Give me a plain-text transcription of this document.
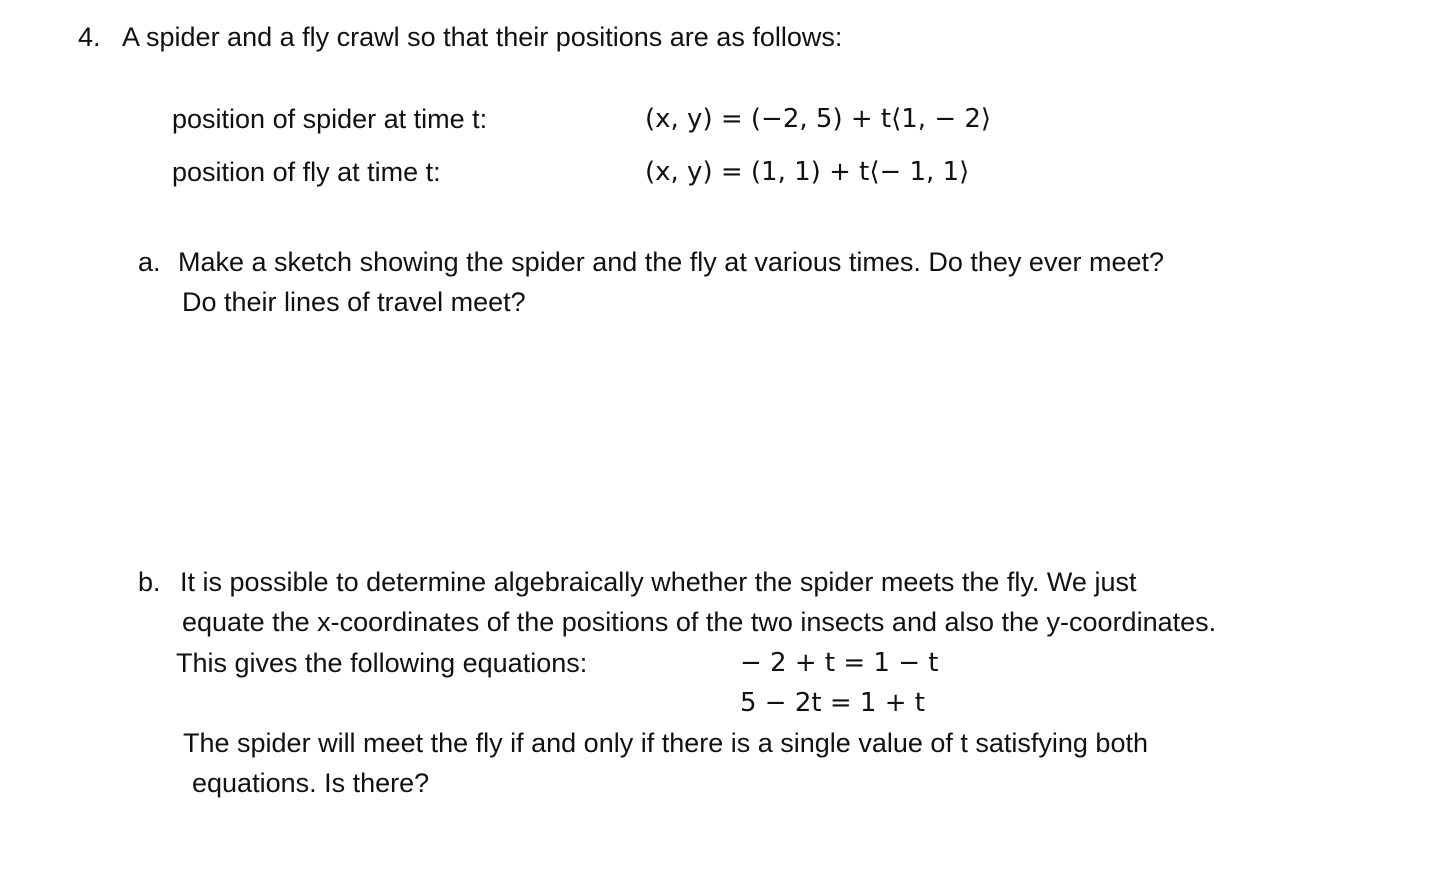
4. A spider and a fly crawl so that their positions are as follows:
position of spider at time t:	(x, y) = (−2, 5) + t⟨1, − 2⟩
position of fly at time t:	(x, y) = (1, 1) + t⟨− 1, 1⟩
a. Make a sketch showing the spider and the fly at various times. Do they ever meet?
Do their lines of travel meet?
b. It is possible to determine algebraically whether the spider meets the fly. We just
equate the x-coordinates of the positions of the two insects and also the y-coordinates.
This gives the following equations:	− 2 + t = 1 − t
5 − 2t = 1 + t
The spider will meet the fly if and only if there is a single value of t satisfying both
equations. Is there?
